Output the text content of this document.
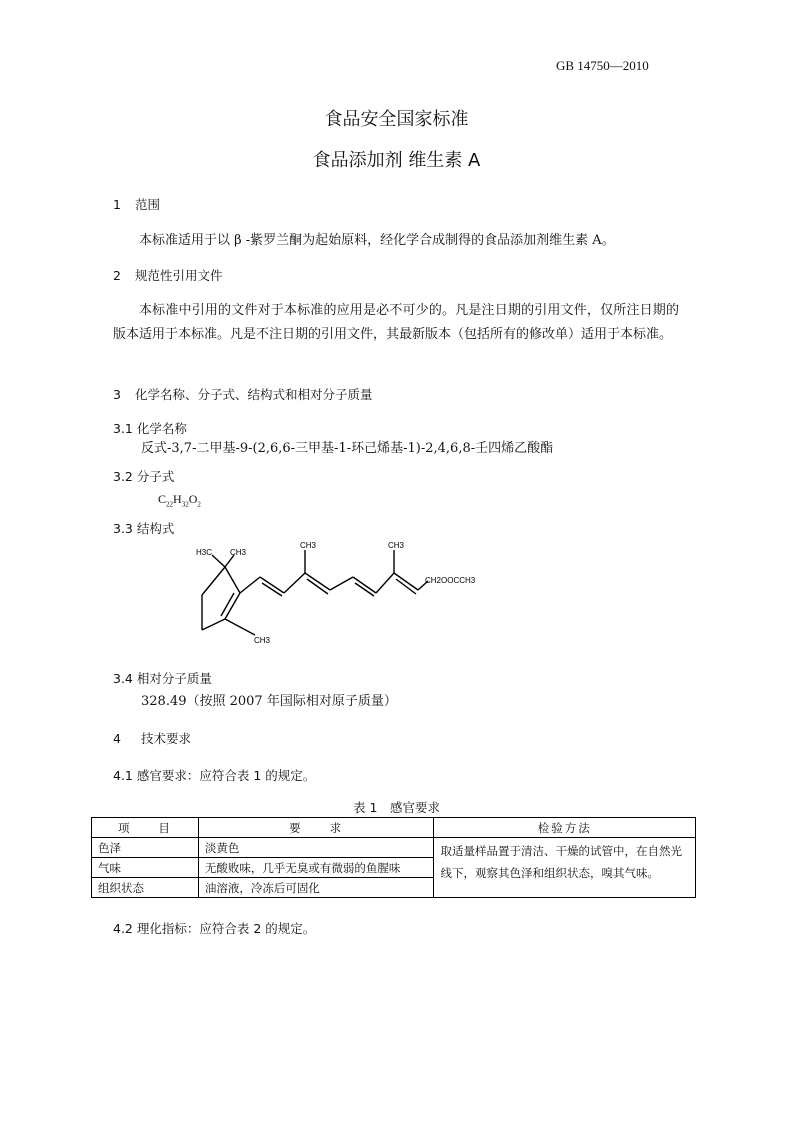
GB 14750—2010
食品安全国家标准
食品添加剂 维生素 A
1 范围
本标准适用于以 β -紫罗兰酮为起始原料，经化学合成制得的食品添加剂维生素 A。
2 规范性引用文件
本标准中引用的文件对于本标准的应用是必不可少的。凡是注日期的引用文件，仅所注日期的版本适用于本标准。凡是不注日期的引用文件，其最新版本（包括所有的修改单）适用于本标准。
3 化学名称、分子式、结构式和相对分子质量
3.1 化学名称
反式-3,7-二甲基-9-(2,6,6-三甲基-1-环己烯基-1)-2,4,6,8-壬四烯乙酸酯
3.2 分子式
$C_{22}H_{32}O_2$
3.3 结构式
H3C CH3
CH3
CH3	CH3
CH2OOCCH3
3.4 相对分子质量
328.49（按照 2007 年国际相对原子质量）
4 技术要求
4.1 感官要求：应符合表 1 的规定。
表 1　感官要求
项　　目	要　　求	检验方法
色泽	淡黄色	取适量样品置于清洁、干燥的试管中，在自然光线下，观察其色泽和组织状态，嗅其气味。
气味	无酸败味，几乎无臭或有微弱的鱼腥味	
组织状态	油溶液，冷冻后可固化	
4.2 理化指标：应符合表 2 的规定。
